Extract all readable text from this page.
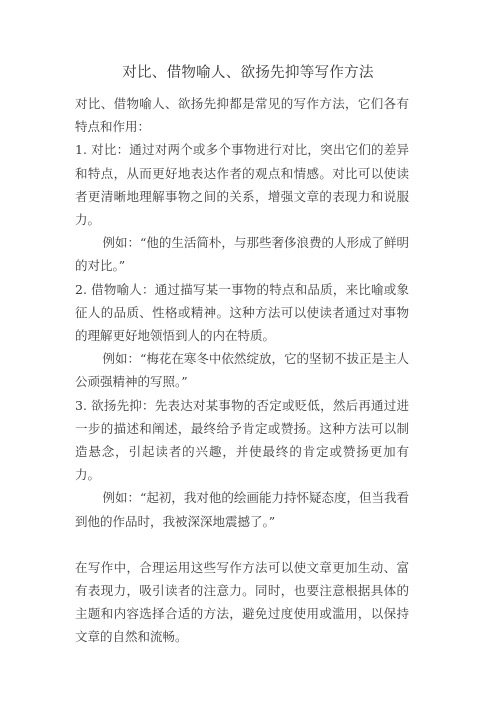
对比、借物喻人、欲扬先抑等写作方法

对比、借物喻人、欲扬先抑都是常见的写作方法，它们各有特点和作用：

1. 对比：通过对两个或多个事物进行对比，突出它们的差异和特点，从而更好地表达作者的观点和情感。对比可以使读者更清晰地理解事物之间的关系，增强文章的表现力和说服力。

例如：“他的生活简朴，与那些奢侈浪费的人形成了鲜明的对比。”

2. 借物喻人：通过描写某一事物的特点和品质，来比喻或象征人的品质、性格或精神。这种方法可以使读者通过对事物的理解更好地领悟到人的内在特质。

例如：“梅花在寒冬中依然绽放，它的坚韧不拔正是主人公顽强精神的写照。”

3. 欲扬先抑：先表达对某事物的否定或贬低，然后再通过进一步的描述和阐述，最终给予肯定或赞扬。这种方法可以制造悬念，引起读者的兴趣，并使最终的肯定或赞扬更加有力。

例如：“起初，我对他的绘画能力持怀疑态度，但当我看到他的作品时，我被深深地震撼了。”

在写作中，合理运用这些写作方法可以使文章更加生动、富有表现力，吸引读者的注意力。同时，也要注意根据具体的主题和内容选择合适的方法，避免过度使用或滥用，以保持文章的自然和流畅。
